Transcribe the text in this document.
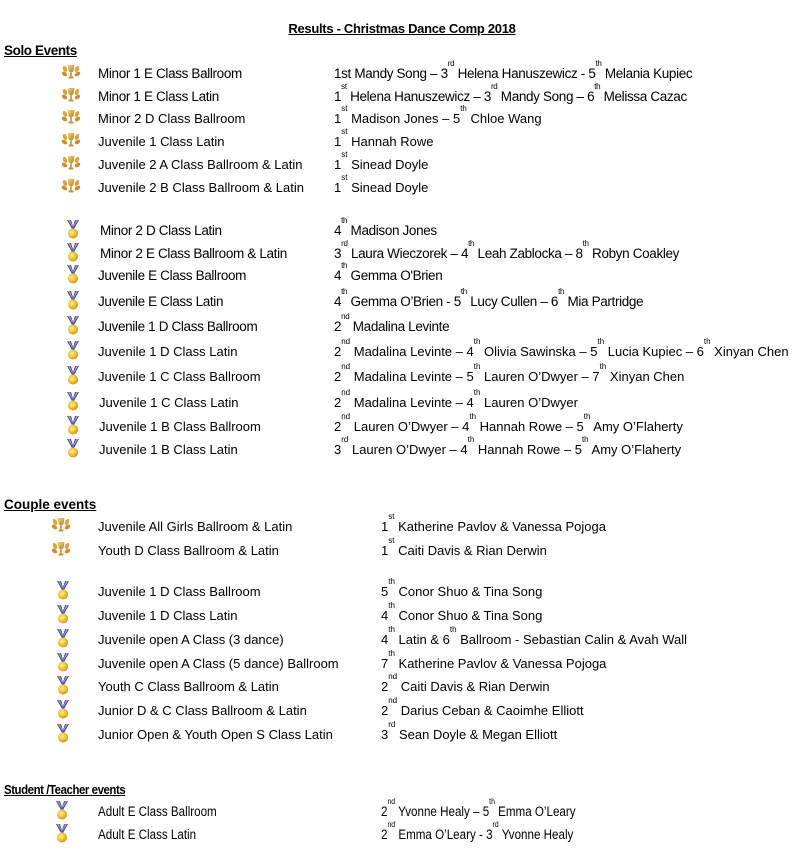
Results - Christmas Dance Comp 2018
Solo Events
Couple events
Student /Teacher events
Minor 1 E Class Ballroom	1st Mandy Song – 3rd Helena Hanuszewicz - 5th Melania Kupiec
Minor 1 E Class Latin	1st Helena Hanuszewicz – 3rd Mandy Song – 6th Melissa Cazac
Minor 2 D Class Ballroom	1st Madison Jones – 5th Chloe Wang
Juvenile 1 Class Latin	1st Hannah Rowe
Juvenile 2 A Class Ballroom & Latin 1st Sinead Doyle
Juvenile 2 B Class Ballroom & Latin 1st Sinead Doyle
Minor 2 D Class Latin	4th Madison Jones
Minor 2 E Class Ballroom & Latin	3rd Laura Wieczorek – 4th Leah Zablocka – 8th Robyn Coakley
Juvenile E Class Ballroom	4th Gemma O'Brien
Juvenile E Class Latin	4th Gemma O’Brien - 5th Lucy Cullen – 6th Mia Partridge
Juvenile 1 D Class Ballroom	2nd Madalina Levinte
Juvenile 1 D Class Latin	2nd Madalina Levinte – 4th Olivia Sawinska – 5th Lucia Kupiec – 6th Xinyan Chen
Juvenile 1 C Class Ballroom	2nd Madalina Levinte – 5th Lauren O’Dwyer – 7th Xinyan Chen
Juvenile 1 C Class Latin	2nd Madalina Levinte – 4th Lauren O’Dwyer
Juvenile 1 B Class Ballroom	2nd Lauren O’Dwyer – 4th Hannah Rowe – 5th Amy O’Flaherty
Juvenile 1 B Class Latin	3rd Lauren O’Dwyer – 4th Hannah Rowe – 5th Amy O’Flaherty
Juvenile All Girls Ballroom & Latin	1st Katherine Pavlov & Vanessa Pojoga
Youth D Class Ballroom & Latin	1st Caiti Davis & Rian Derwin
Juvenile 1 D Class Ballroom	5th Conor Shuo & Tina Song
Juvenile 1 D Class Latin	4th Conor Shuo & Tina Song
Juvenile open A Class (3 dance)	4th Latin & 6th Ballroom - Sebastian Calin & Avah Wall
Juvenile open A Class (5 dance) Ballroom	7th Katherine Pavlov & Vanessa Pojoga
Youth C Class Ballroom & Latin	2nd Caiti Davis & Rian Derwin
Junior D & C Class Ballroom & Latin	2nd Darius Ceban & Caoimhe Elliott
Junior Open & Youth Open S Class Latin	3rd Sean Doyle & Megan Elliott
Adult E Class Ballroom	2nd Yvonne Healy – 5th Emma O’Leary
Adult E Class Latin	2nd Emma O’Leary - 3rd Yvonne Healy
